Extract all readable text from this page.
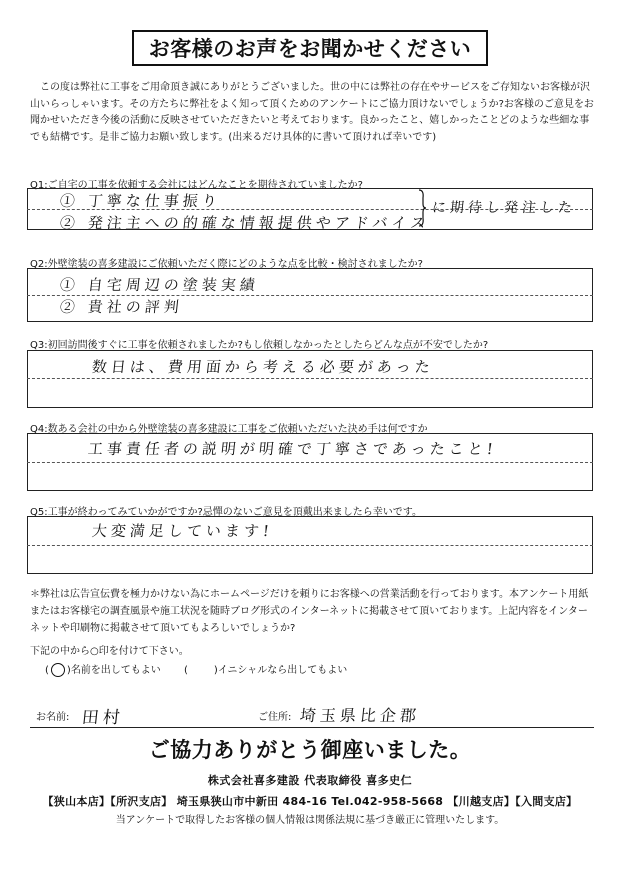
お客様のお声をお聞かせください
この度は弊社に工事をご用命頂き誠にありがとうございました。世の中には弊社の存在やサービスをご存知ないお客様が沢山いらっしゃいます。その方たちに弊社をよく知って頂くためのアンケートにご協力頂けないでしょうか?お客様のご意見をお聞かせいただき今後の活動に反映させていただきたいと考えております。良かったこと、嬉しかったことどのような些細な事でも結構です。是非ご協力お願い致します。(出来るだけ具体的に書いて頂ければ幸いです)
Q1:ご自宅の工事を依頼する会社にはどんなことを期待されていましたか?
① 丁寧な仕事振り
② 発注主への的確な情報提供やアドバイス
に期待し発注した
Q2:外壁塗装の喜多建設にご依頼いただく際にどのような点を比較・検討されましたか?
① 自宅周辺の塗装実績
② 貴社の評判
Q3:初回訪問後すぐに工事を依頼されましたか?もし依頼しなかったとしたらどんな点が不安でしたか?
数日は、費用面から考える必要があった
Q4:数ある会社の中から外壁塗装の喜多建設に工事をご依頼いただいた決め手は何ですか
工事責任者の説明が明確で丁寧さであったこと!
Q5:工事が終わってみていかがですか?忌憚のないご意見を頂戴出来ましたら幸いです。
大変満足しています!
＊弊社は広告宣伝費を極力かけない為にホームページだけを頼りにお客様への営業活動を行っております。本アンケート用紙またはお客様宅の調査風景や施工状況を随時ブログ形式のインターネットに掲載させて頂いております。上記内容をインターネットや印刷物に掲載させて頂いてもよろしいでしょうか?
下記の中から○印を付けて下さい。
( )名前を出してもよい (	)イニシャルなら出してもよい
お名前: 田村	ご住所: 埼玉県比企郡
ご協力ありがとう御座いました。
株式会社喜多建設 代表取締役 喜多史仁
【狭山本店】【所沢支店】 埼玉県狭山市中新田 484-16 Tel.042-958-5668 【川越支店】【入間支店】
当アンケートで取得したお客様の個人情報は関係法規に基づき厳正に管理いたします。
